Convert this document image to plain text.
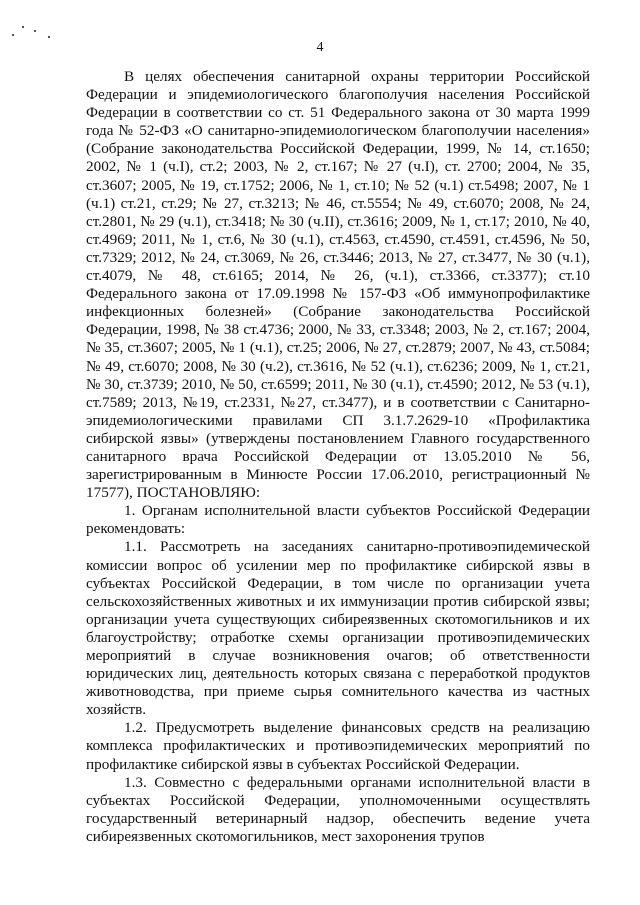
4

В целях обеспечения санитарной охраны территории Российской Федерации и эпидемиологического благополучия населения Российской Федерации в соответствии со ст. 51 Федерального закона от 30 марта 1999 года № 52-ФЗ «О санитарно-эпидемиологическом благополучии населения» (Собрание законодательства Российской Федерации, 1999, № 14, ст.1650; 2002, № 1 (ч.I), ст.2; 2003, № 2, ст.167; № 27 (ч.I), ст. 2700; 2004, № 35, ст.3607; 2005, № 19, ст.1752; 2006, № 1, ст.10; № 52 (ч.1) ст.5498; 2007, № 1 (ч.1) ст.21, ст.29; № 27, ст.3213; № 46, ст.5554; № 49, ст.6070; 2008, № 24, ст.2801, № 29 (ч.1), ст.3418; № 30 (ч.II), ст.3616; 2009, № 1, ст.17; 2010, № 40, ст.4969; 2011, № 1, ст.6, № 30 (ч.1), ст.4563, ст.4590, ст.4591, ст.4596, № 50, ст.7329; 2012, № 24, ст.3069, № 26, ст.3446; 2013, № 27, ст.3477, № 30 (ч.1), ст.4079, № 48, ст.6165; 2014, № 26, (ч.1), ст.3366, ст.3377); ст.10 Федерального закона от 17.09.1998 № 157-ФЗ «Об иммунопрофилактике инфекционных болезней» (Собрание законодательства Российской Федерации, 1998, № 38 ст.4736; 2000, № 33, ст.3348; 2003, № 2, ст.167; 2004, № 35, ст.3607; 2005, № 1 (ч.1), ст.25; 2006, № 27, ст.2879; 2007, № 43, ст.5084; № 49, ст.6070; 2008, № 30 (ч.2), ст.3616, № 52 (ч.1), ст.6236; 2009, № 1, ст.21, № 30, ст.3739; 2010, № 50, ст.6599; 2011, № 30 (ч.1), ст.4590; 2012, № 53 (ч.1), ст.7589; 2013, №19, ст.2331, №27, ст.3477), и в соответствии с Санитарно-эпидемиологическими правилами СП 3.1.7.2629-10 «Профилактика сибирской язвы» (утверждены постановлением Главного государственного санитарного врача Российской Федерации от 13.05.2010 № 56, зарегистрированным в Минюсте России 17.06.2010, регистрационный № 17577), ПОСТАНОВЛЯЮ:

1. Органам исполнительной власти субъектов Российской Федерации рекомендовать:

1.1. Рассмотреть на заседаниях санитарно-противоэпидемической комиссии вопрос об усилении мер по профилактике сибирской язвы в субъектах Российской Федерации, в том числе по организации учета сельскохозяйственных животных и их иммунизации против сибирской язвы; организации учета существующих сибиреязвенных скотомогильников и их благоустройству; отработке схемы организации противоэпидемических мероприятий в случае возникновения очагов; об ответственности юридических лиц, деятельность которых связана с переработкой продуктов животноводства, при приеме сырья сомнительного качества из частных хозяйств.

1.2. Предусмотреть выделение финансовых средств на реализацию комплекса профилактических и противоэпидемических мероприятий по профилактике сибирской язвы в субъектах Российской Федерации.

1.3. Совместно с федеральными органами исполнительной власти в субъектах Российской Федерации, уполномоченными осуществлять государственный ветеринарный надзор, обеспечить ведение учета сибиреязвенных скотомогильников, мест захоронения трупов
